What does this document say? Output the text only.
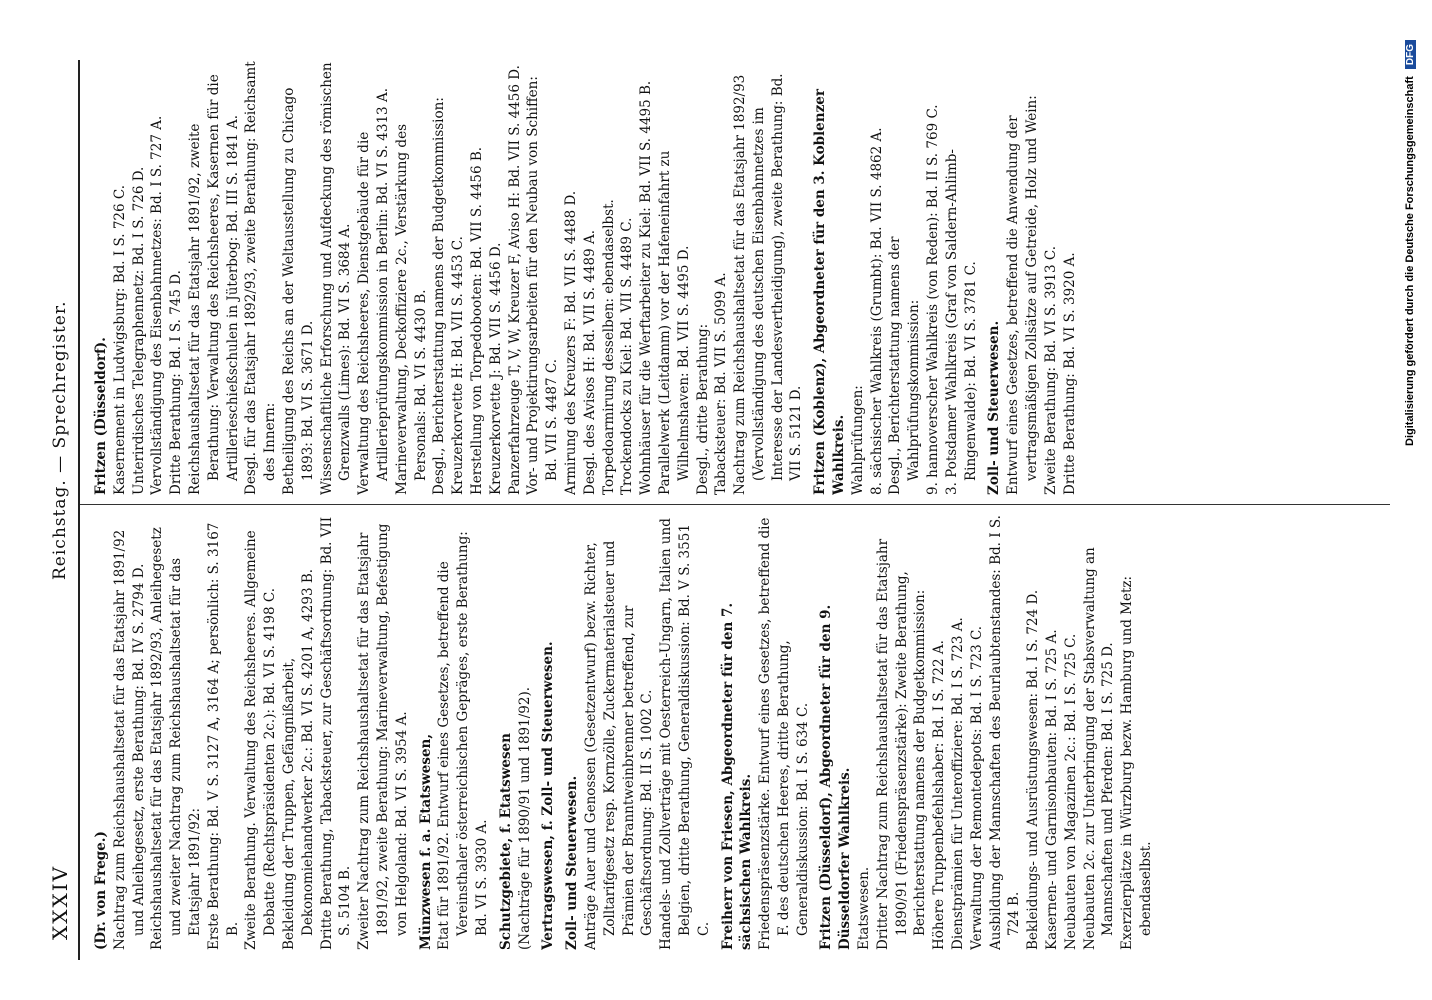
XXXIV
Reichstag. — Sprechregister.
(Dr. von Frege.) Nachtrag zum Reichshaushaltsetat für das Etatsjahr 1891/92 und Anleihegesetz, erste Berathung: Bd. IV S. 2794 D. Reichshaushaltsetat für das Etatsjahr 1892/93, Anleihegesetz und zweiter Nachtrag zum Reichshaushaltsetat für das Etatsjahr 1891/92: Erste Berathung: Bd. V S. 3127 A, 3164 A; persönlich: S. 3167 B. Zweite Berathung. Verwaltung des Reichsheeres. Allgemeine Debatte (Rechtspräsidenten 2c.): Bd. VI S. 4198 C. Bekleidung der Truppen, Gefängnißarbeit, Dekonomiehandwerker 2c.: Bd. VI S. 4201 A, 4293 B. Dritte Berathung, Tabacksteuer, zur Geschäftsordnung: Bd. VII S. 5104 B. Zweiter Nachtrag zum Reichshaushaltsetat für das Etatsjahr 1891/92, zweite Berathung: Marineverwaltung, Befestigung von Helgoland: Bd. VI S. 3954 A. Münzwesen f. a. Etatswesen, Etat für 1891/92. Entwurf eines Gesetzes, betreffend die Vereinsthaler österreichischen Gepräges, erste Berathung: Bd. VI S. 3930 A. Schutzgebiete, f. Etatswesen (Nachträge für 1890/91 und 1891/92). Vertragswesen, f. Zoll- und Steuerwesen. Zoll- und Steuerwesen. Anträge Auer und Genossen (Gesetzentwurf) bezw. Richter, Zolltarifgesetz resp. Kornzölle, Zuckermaterialsteuer und Prämien der Branntweinbrenner betreffend, zur Geschäftsordnung: Bd. II S. 1002 C. Handels- und Zollverträge mit Oesterreich-Ungarn, Italien und Belgien, dritte Berathung, Generaldiskussion: Bd. V S. 3551 C. Freiherr von Friesen, Abgeordneter für den 7. sächsischen Wahlkreis. Friedenspräsenzstärke. Entwurf eines Gesetzes, betreffend die F. des deutschen Heeres, dritte Berathung, Generaldiskussion: Bd. I S. 634 C. Fritzen (Düsseldorf), Abgeordneter für den 9. Düsseldorfer Wahlkreis. Etatswesen. Dritter Nachtrag zum Reichshaushaltsetat für das Etatsjahr 1890/91 (Friedenspräsenzstärke): Zweite Berathung, Berichterstattung namens der Budgetkommission: Höhere Truppenbefehlshaber: Bd. I S. 722 A. Dienstprämien für Unteroffiziere: Bd. I S. 723 A. Verwaltung der Remontedepots: Bd. I S. 723 C. Ausbildung der Mannschaften des Beurlaubtenstandes: Bd. I S. 724 B. Bekleidungs- und Ausrüstungswesen: Bd. I S. 724 D. Kasernen- und Garnisonbauten: Bd. I S. 725 A. Neubauten von Magazinen 2c.: Bd. I S. 725 C. Neubauten 2c. zur Unterbringung der Stabsverwaltung an Mannschaften und Pferden: Bd. I S. 725 D. Exerzierplätze in Würzburg bezw. Hamburg und Metz: ebendaselbst.
Fritzen (Düsseldorf). Kasernement in Ludwigsburg: Bd. I S. 726 C. Unterirdisches Telegraphennetz: Bd. I S. 726 D. Vervollständigung des Eisenbahnnetzes: Bd. I S. 727 A. Dritte Berathung: Bd. I S. 745 D. Reichshaushaltsetat für das Etatsjahr 1891/92, zweite Berathung: Verwaltung des Reichsheeres, Kasernen für die Artillerieschießschulen in Jüterbog: Bd. III S. 1841 A. Desgl. für das Etatsjahr 1892/93, zweite Berathung: Reichsamt des Innern: Betheiligung des Reichs an der Weltausstellung zu Chicago 1893: Bd. VI S. 3671 D. Wissenschaftliche Erforschung und Aufdeckung des römischen Grenzwalls (Limes): Bd. VI S. 3684 A. Verwaltung des Reichsheeres, Dienstgebäude für die Artillerieprüfungskommission in Berlin: Bd. VI S. 4313 A. Marineverwaltung, Deckoffiziere 2c., Verstärkung des Personals: Bd. VI S. 4430 B. Desgl., Berichterstattung namens der Budgetkommission: Kreuzerkorvette H: Bd. VII S. 4453 C. Herstellung von Torpedobooten: Bd. VII S. 4456 B. Kreuzerkorvette J: Bd. VII S. 4456 D. Panzerfahrzeuge T, V, W, Kreuzer F, Aviso H: Bd. VII S. 4456 D. Vor- und Projektirungsarbeiten für den Neubau von Schiffen: Bd. VII S. 4487 C. Armirung des Kreuzers F: Bd. VII S. 4488 D. Desgl. des Avisos H: Bd. VII S. 4489 A. Torpedoarmirung desselben: ebendaselbst. Trockendocks zu Kiel: Bd. VII S. 4489 C. Wohnhäuser für die Werftarbeiter zu Kiel: Bd. VII S. 4495 B. Parallelwerk (Leitdamm) vor der Hafeneinfahrt zu Wilhelmshaven: Bd. VII S. 4495 D. Desgl., dritte Berathung: Tabacksteuer: Bd. VII S. 5099 A. Nachtrag zum Reichshaushaltsetat für das Etatsjahr 1892/93 (Vervollständigung des deutschen Eisenbahnnetzes im Interesse der Landesvertheidigung), zweite Berathung: Bd. VII S. 5121 D. Fritzen (Koblenz), Abgeordneter für den 3. Koblenzer Wahlkreis. Wahlprüfungen: 8. sächsischer Wahlkreis (Grumbt): Bd. VII S. 4862 A. Desgl., Berichterstattung namens der Wahlprüfungskommission: 9. hannoverscher Wahlkreis (von Reden): Bd. II S. 769 C. 3. Potsdamer Wahlkreis (Graf von Saldern-Ahlimb-Ringenwalde): Bd. VI S. 3781 C. Zoll- und Steuerwesen. Entwurf eines Gesetzes, betreffend die Anwendung der vertragsmäßigen Zollsätze auf Getreide, Holz und Wein: Zweite Berathung: Bd. VI S. 3913 C. Dritte Berathung: Bd. VI S. 3920 A.	Digitalisierung gefördert durch die Deutsche Forschungsgemeinschaft DFG
